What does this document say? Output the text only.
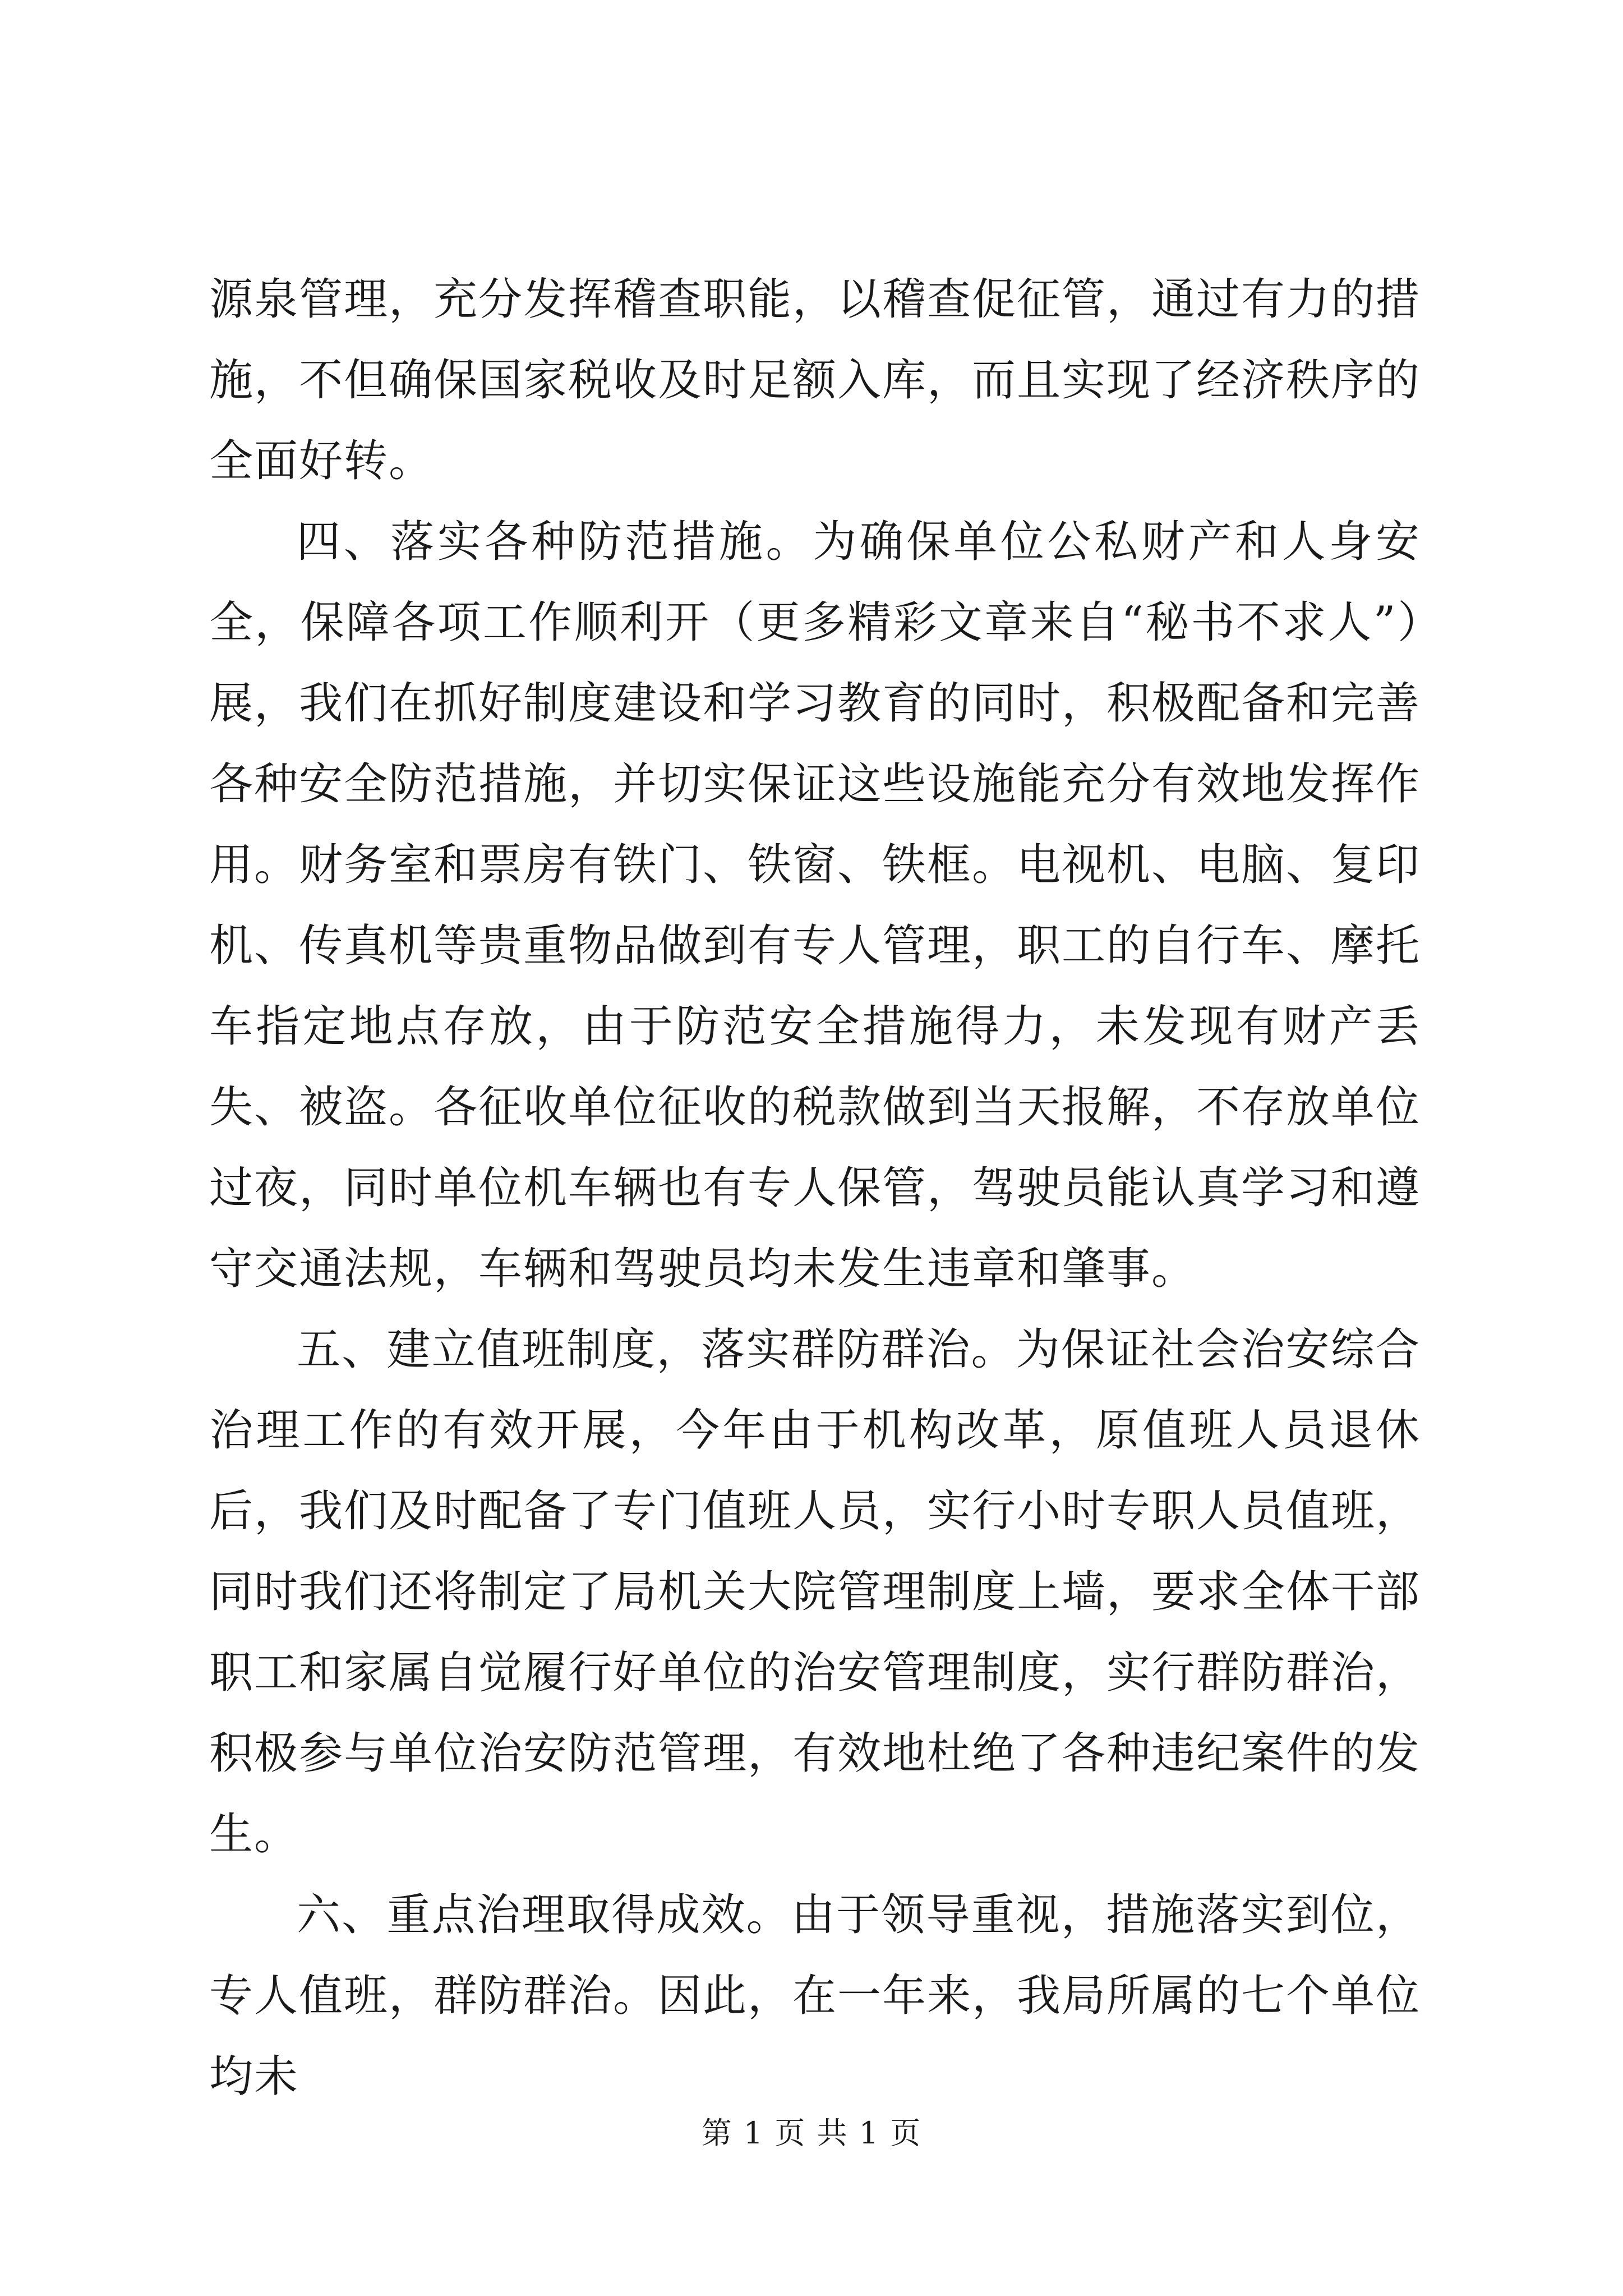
源泉管理，充分发挥稽查职能，以稽查促征管，通过有力的措施，不但确保国家税收及时足额入库，而且实现了经济秩序的全面好转。

四、落实各种防范措施。为确保单位公私财产和人身安全，保障各项工作顺利开（更多精彩文章来自“秘书不求人”）展，我们在抓好制度建设和学习教育的同时，积极配备和完善各种安全防范措施，并切实保证这些设施能充分有效地发挥作用。财务室和票房有铁门、铁窗、铁框。电视机、电脑、复印机、传真机等贵重物品做到有专人管理，职工的自行车、摩托车指定地点存放，由于防范安全措施得力，未发现有财产丢失、被盗。各征收单位征收的税款做到当天报解，不存放单位过夜，同时单位机车辆也有专人保管，驾驶员能认真学习和遵守交通法规，车辆和驾驶员均未发生违章和肇事。

五、建立值班制度，落实群防群治。为保证社会治安综合治理工作的有效开展，今年由于机构改革，原值班人员退休后，我们及时配备了专门值班人员，实行小时专职人员值班，同时我们还将制定了局机关大院管理制度上墙，要求全体干部职工和家属自觉履行好单位的治安管理制度，实行群防群治，积极参与单位治安防范管理，有效地杜绝了各种违纪案件的发生。

六、重点治理取得成效。由于领导重视，措施落实到位，专人值班，群防群治。因此，在一年来，我局所属的七个单位均未

第 1 页 共 1 页
